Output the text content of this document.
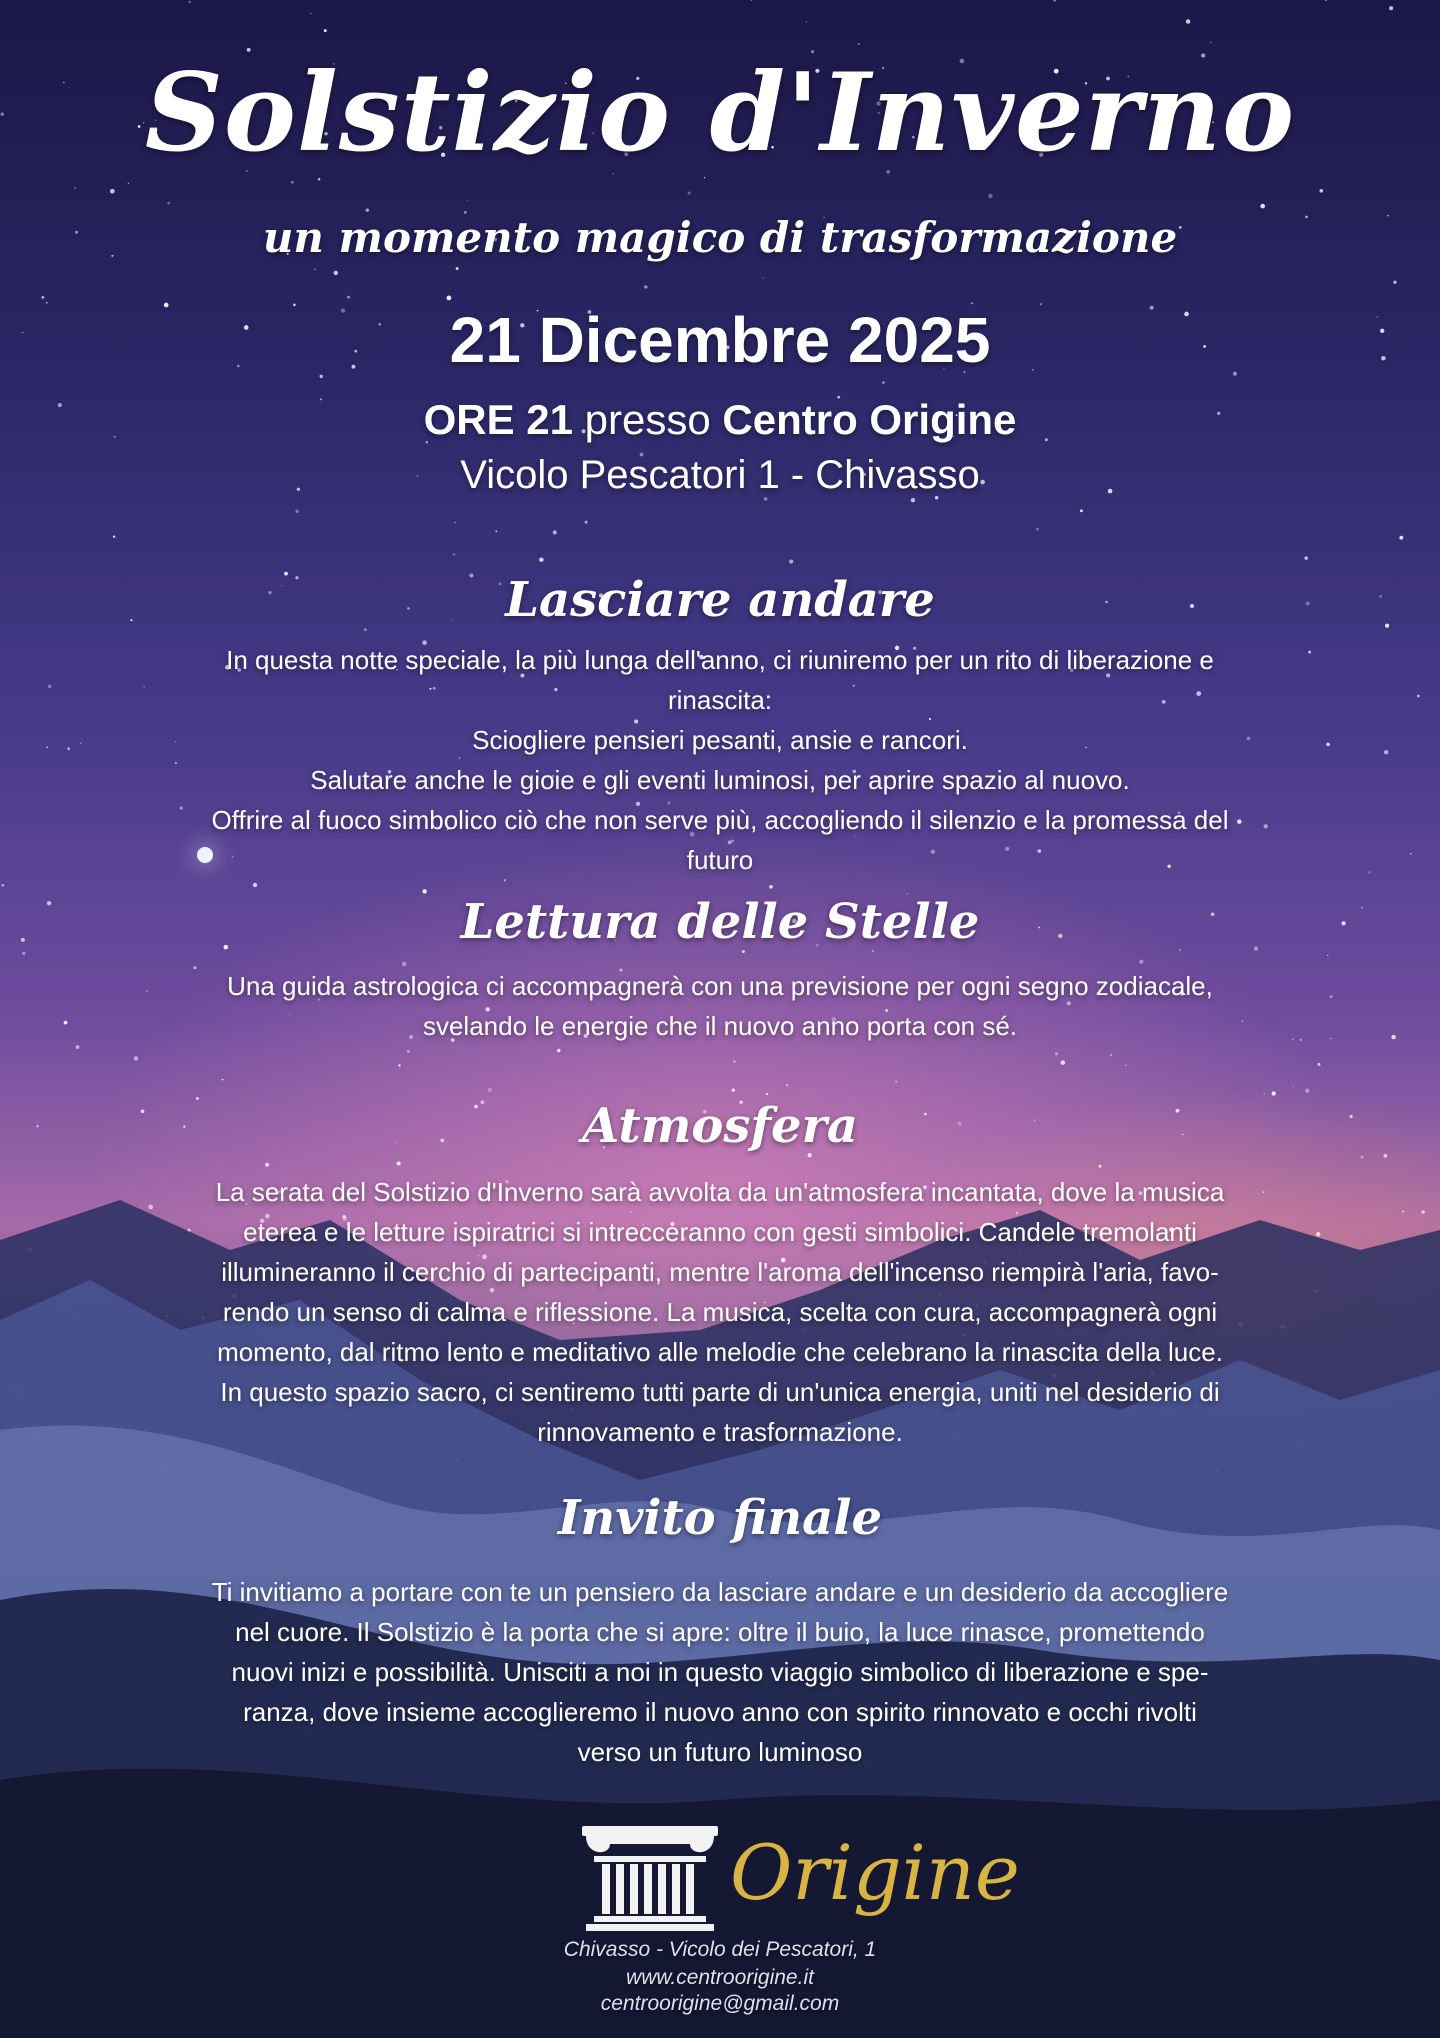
Solstizio d'Inverno
un momento magico di trasformazione
21 Dicembre 2025
ORE 21 presso Centro Origine
Vicolo Pescatori 1 - Chivasso
Lasciare andare
In questa notte speciale, la più lunga dell'anno, ci riuniremo per un rito di liberazione e
rinascita:
Sciogliere pensieri pesanti, ansie e rancori.
Salutare anche le gioie e gli eventi luminosi, per aprire spazio al nuovo.
Offrire al fuoco simbolico ciò che non serve più, accogliendo il silenzio e la promessa del
futuro
Lettura delle Stelle
Una guida astrologica ci accompagnerà con una previsione per ogni segno zodiacale,
svelando le energie che il nuovo anno porta con sé.
Atmosfera
La serata del Solstizio d'Inverno sarà avvolta da un'atmosfera incantata, dove la musica
eterea e le letture ispiratrici si intrecceranno con gesti simbolici. Candele tremolanti
illumineranno il cerchio di partecipanti, mentre l'aroma dell'incenso riempirà l'aria, favo-
rendo un senso di calma e riflessione. La musica, scelta con cura, accompagnerà ogni
momento, dal ritmo lento e meditativo alle melodie che celebrano la rinascita della luce.
In questo spazio sacro, ci sentiremo tutti parte di un'unica energia, uniti nel desiderio di
rinnovamento e trasformazione.
Invito finale
Ti invitiamo a portare con te un pensiero da lasciare andare e un desiderio da accogliere
nel cuore. Il Solstizio è la porta che si apre: oltre il buio, la luce rinasce, promettendo
nuovi inizi e possibilità. Unisciti a noi in questo viaggio simbolico di liberazione e spe-
ranza, dove insieme accoglieremo il nuovo anno con spirito rinnovato e occhi rivolti
verso un futuro luminoso
Origine
Chivasso - Vicolo dei Pescatori, 1
www.centroorigine.it
centroorigine@gmail.com
